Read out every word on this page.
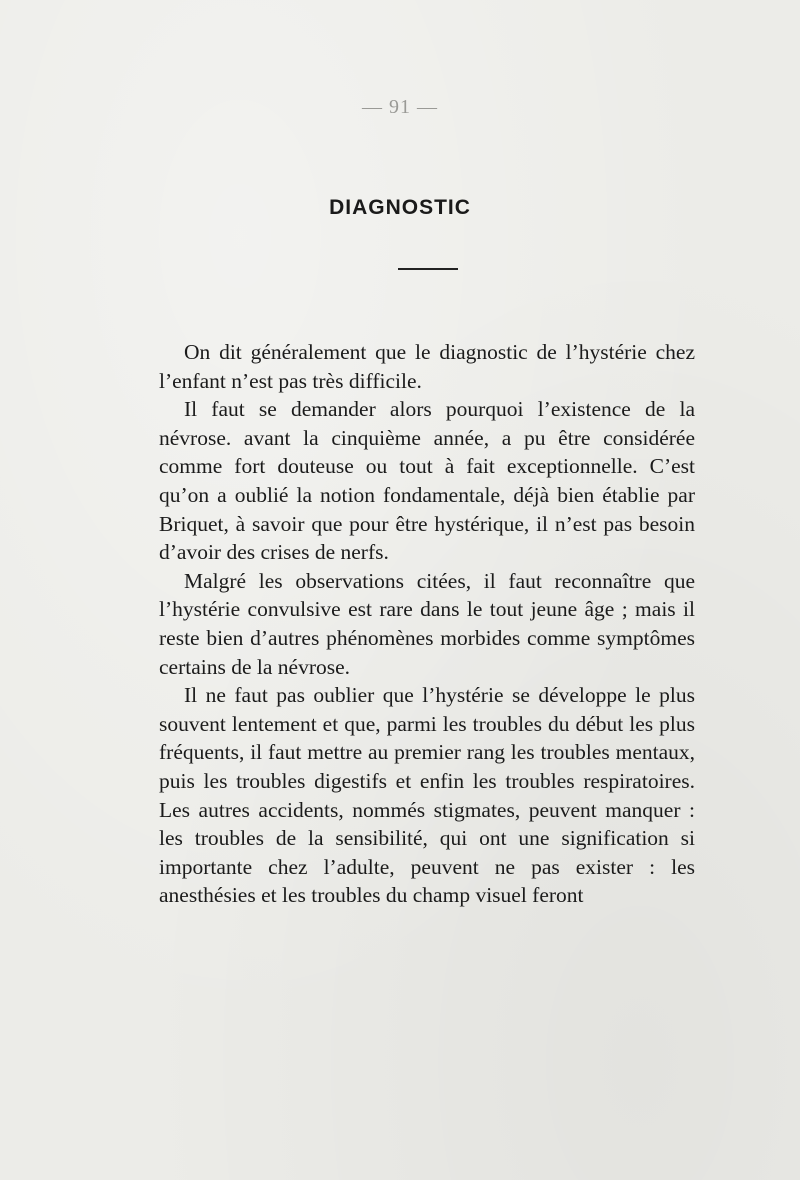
— 91 —
DIAGNOSTIC

On dit généralement que le diagnostic de l’hystérie chez l’enfant n’est pas très difficile.

Il faut se demander alors pourquoi l’existence de la névrose. avant la cinquième année, a pu être considérée comme fort douteuse ou tout à fait exceptionnelle. C’est qu’on a oublié la notion fondamentale, déjà bien établie par Briquet, à savoir que pour être hystérique, il n’est pas besoin d’avoir des crises de nerfs.

Malgré les observations citées, il faut reconnaître que l’hystérie convulsive est rare dans le tout jeune âge ; mais il reste bien d’autres phénomènes morbides comme symptômes certains de la névrose.

Il ne faut pas oublier que l’hystérie se développe le plus souvent lentement et que, parmi les troubles du début les plus fréquents, il faut mettre au premier rang les troubles mentaux, puis les troubles digestifs et enfin les troubles respiratoires. Les autres accidents, nommés stigmates, peuvent manquer : les troubles de la sensibilité, qui ont une signification si importante chez l’adulte, peuvent ne pas exister : les anesthésies et les troubles du champ visuel feront
